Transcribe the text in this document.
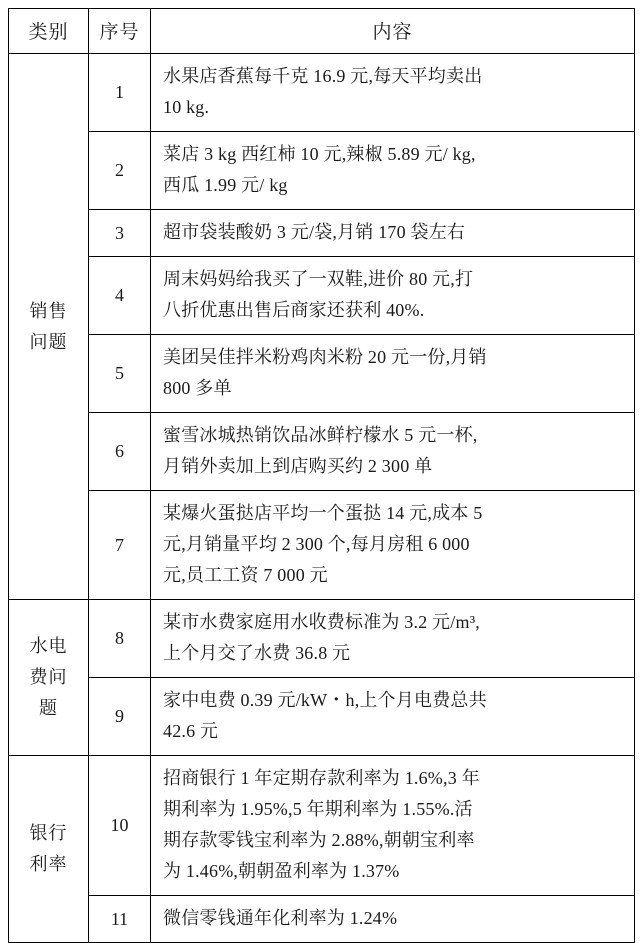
类别	序号	内容

销售
问题	1	水果店香蕉每千克 16.9 元,每天平均卖出
10 kg.

	2	菜店 3 kg 西红柿 10 元,辣椒 5.89 元/ kg,
西瓜 1.99 元/ kg

	3	超市袋装酸奶 3 元/袋,月销 170 袋左右

	4	周末妈妈给我买了一双鞋,进价 80 元,打
八折优惠出售后商家还获利 40%.

	5	美团吴佳拌米粉鸡肉米粉 20 元一份,月销
800 多单

	6	蜜雪冰城热销饮品冰鲜柠檬水 5 元一杯,
月销外卖加上到店购买约 2 300 单

	7	某爆火蛋挞店平均一个蛋挞 14 元,成本 5
元,月销量平均 2 300 个,每月房租 6 000
元,员工工资 7 000 元

水电
费问
题	8	某市水费家庭用水收费标准为 3.2 元/m³,
上个月交了水费 36.8 元

	9	家中电费 0.39 元/kW・h,上个月电费总共
42.6 元

银行
利率	10	招商银行 1 年定期存款利率为 1.6%,3 年
期利率为 1.95%,5 年期利率为 1.55%.活
期存款零钱宝利率为 2.88%,朝朝宝利率
为 1.46%,朝朝盈利率为 1.37%

	11	微信零钱通年化利率为 1.24%
